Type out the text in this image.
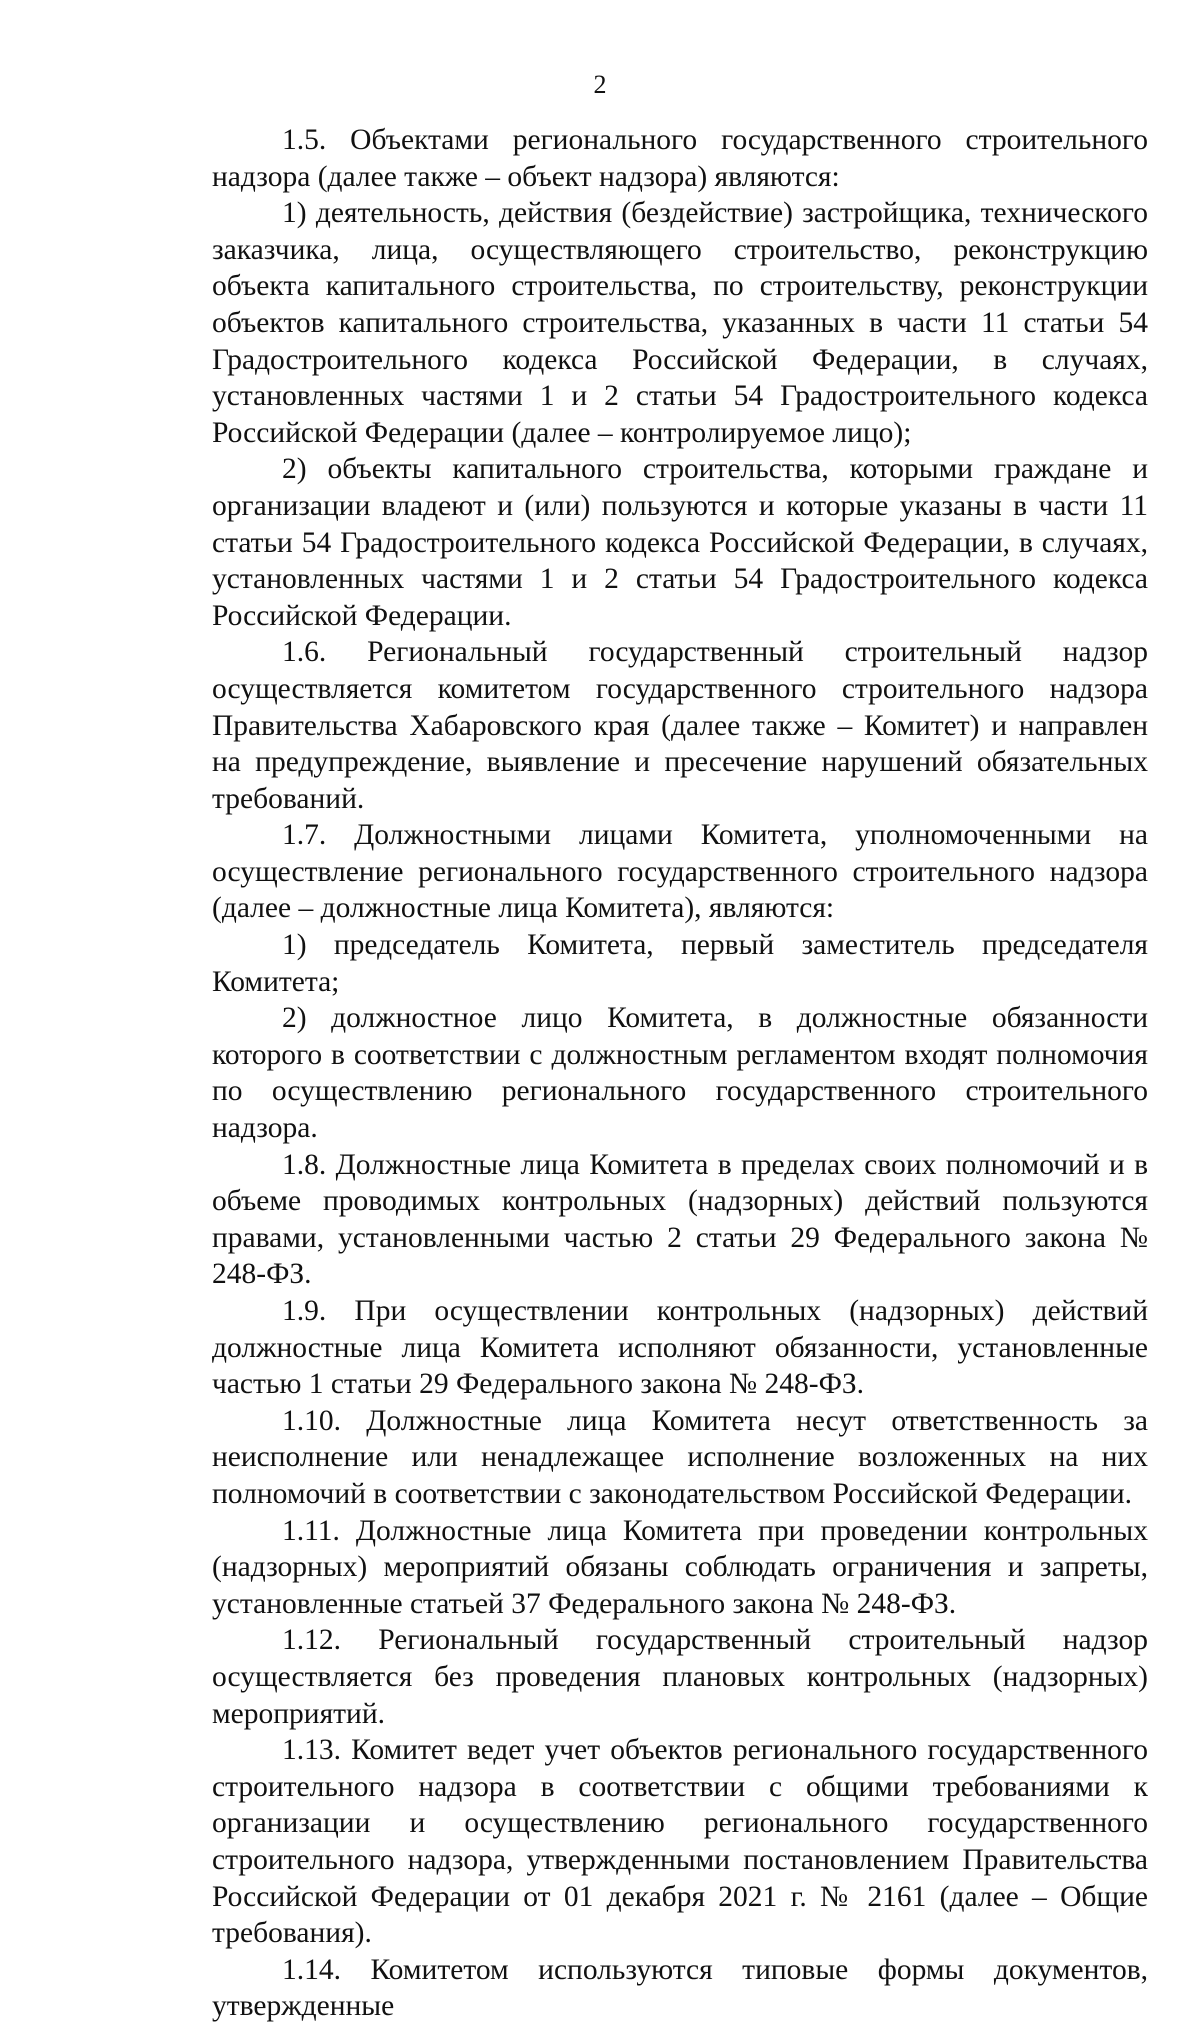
2

1.5. Объектами регионального государственного строительного надзора (далее также – объект надзора) являются:

1) деятельность, действия (бездействие) застройщика, технического заказчика, лица, осуществляющего строительство, реконструкцию объекта капитального строительства, по строительству, реконструкции объектов капитального строительства, указанных в части 11 статьи 54 Градостроительного кодекса Российской Федерации, в случаях, установленных частями 1 и 2 статьи 54 Градостроительного кодекса Российской Федерации (далее – контролируемое лицо);

2) объекты капитального строительства, которыми граждане и организации владеют и (или) пользуются и которые указаны в части 11 статьи 54 Градостроительного кодекса Российской Федерации, в случаях, установленных частями 1 и 2 статьи 54 Градостроительного кодекса Российской Федерации.

1.6. Региональный государственный строительный надзор осуществляется комитетом государственного строительного надзора Правительства Хабаровского края (далее также – Комитет) и направлен на предупреждение, выявление и пресечение нарушений обязательных требований.

1.7. Должностными лицами Комитета, уполномоченными на осуществление регионального государственного строительного надзора (далее – должностные лица Комитета), являются:

1) председатель Комитета, первый заместитель председателя Комитета;

2) должностное лицо Комитета, в должностные обязанности которого в соответствии с должностным регламентом входят полномочия по осуществлению регионального государственного строительного надзора.

1.8. Должностные лица Комитета в пределах своих полномочий и в объеме проводимых контрольных (надзорных) действий пользуются правами, установленными частью 2 статьи 29 Федерального закона № 248-ФЗ.

1.9. При осуществлении контрольных (надзорных) действий должностные лица Комитета исполняют обязанности, установленные частью 1 статьи 29 Федерального закона № 248-ФЗ.

1.10. Должностные лица Комитета несут ответственность за неисполнение или ненадлежащее исполнение возложенных на них полномочий в соответствии с законодательством Российской Федерации.

1.11. Должностные лица Комитета при проведении контрольных (надзорных) мероприятий обязаны соблюдать ограничения и запреты, установленные статьей 37 Федерального закона № 248-ФЗ.

1.12. Региональный государственный строительный надзор осуществляется без проведения плановых контрольных (надзорных) мероприятий.

1.13. Комитет ведет учет объектов регионального государственного строительного надзора в соответствии с общими требованиями к организации и осуществлению регионального государственного строительного надзора, утвержденными постановлением Правительства Российской Федерации от 01 декабря 2021 г. № 2161 (далее – Общие требования).

1.14. Комитетом используются типовые формы документов, утвержденные
